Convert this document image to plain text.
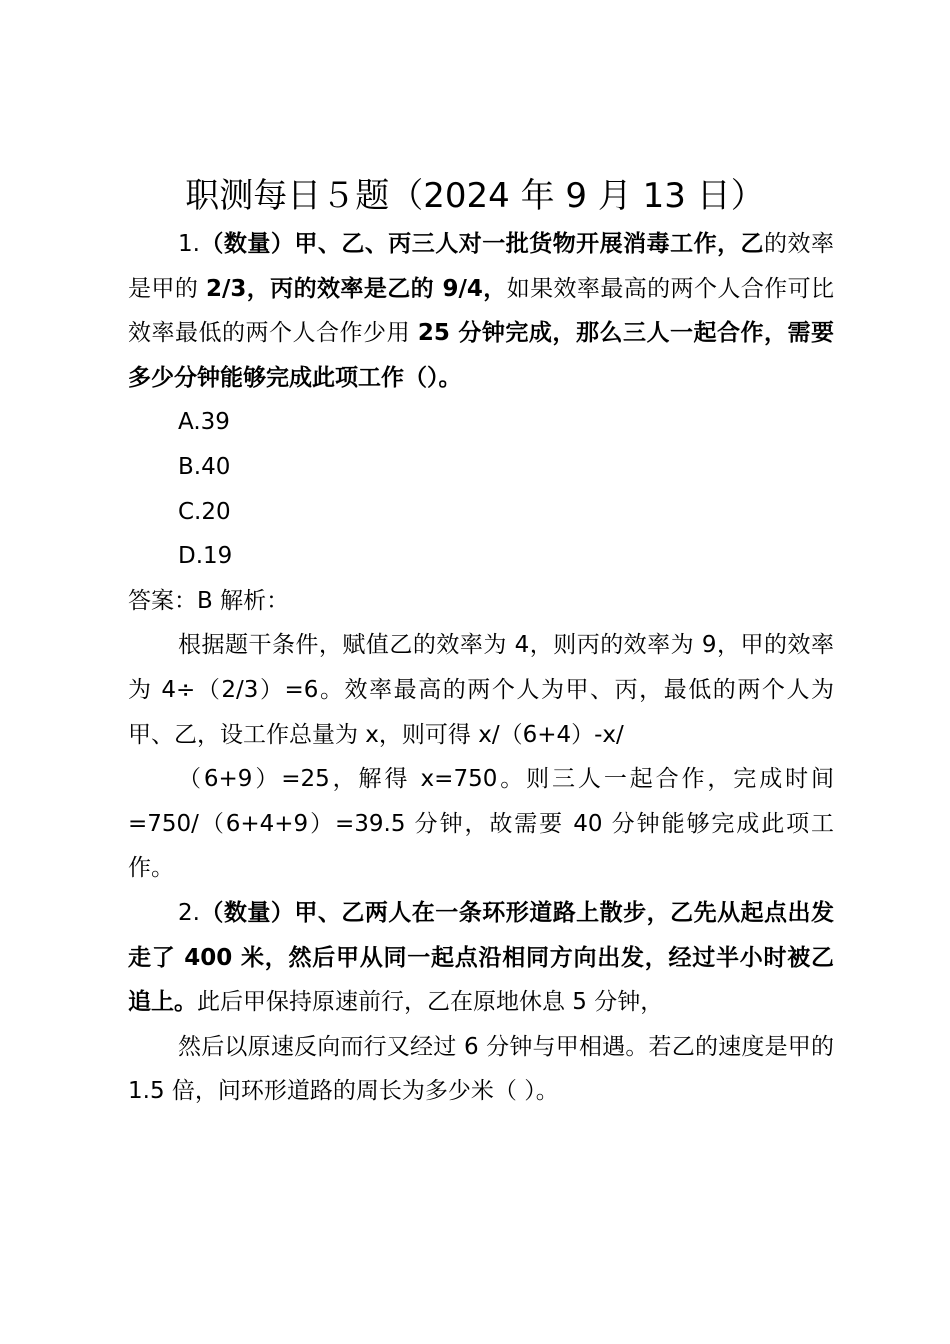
职测每日５题（2024 年 9 月 13 日）

1.（数量）甲、乙、丙三人对一批货物开展消毒工作，乙的效率是甲的 2/3，丙的效率是乙的 9/4，如果效率最高的两个人合作可比效率最低的两个人合作少用 25 分钟完成，那么三人一起合作，需要多少分钟能够完成此项工作（）。

A.39

B.40

C.20

D.19

答案：B 解析：

根据题干条件，赋值乙的效率为 4，则丙的效率为 9，甲的效率为 4÷（2/3）=6。效率最高的两个人为甲、丙，最低的两个人为甲、乙，设工作总量为 x，则可得 x/（6+4）-x/

（6+9）=25，解得 x=750。则三人一起合作，完成时间=750/（6+4+9）=39.5 分钟，故需要 40 分钟能够完成此项工作。

2.（数量）甲、乙两人在一条环形道路上散步，乙先从起点出发走了 400 米，然后甲从同一起点沿相同方向出发，经过半小时被乙追上。此后甲保持原速前行，乙在原地休息 5 分钟，

然后以原速反向而行又经过 6 分钟与甲相遇。若乙的速度是甲的 1.5 倍，问环形道路的周长为多少米（ ）。
